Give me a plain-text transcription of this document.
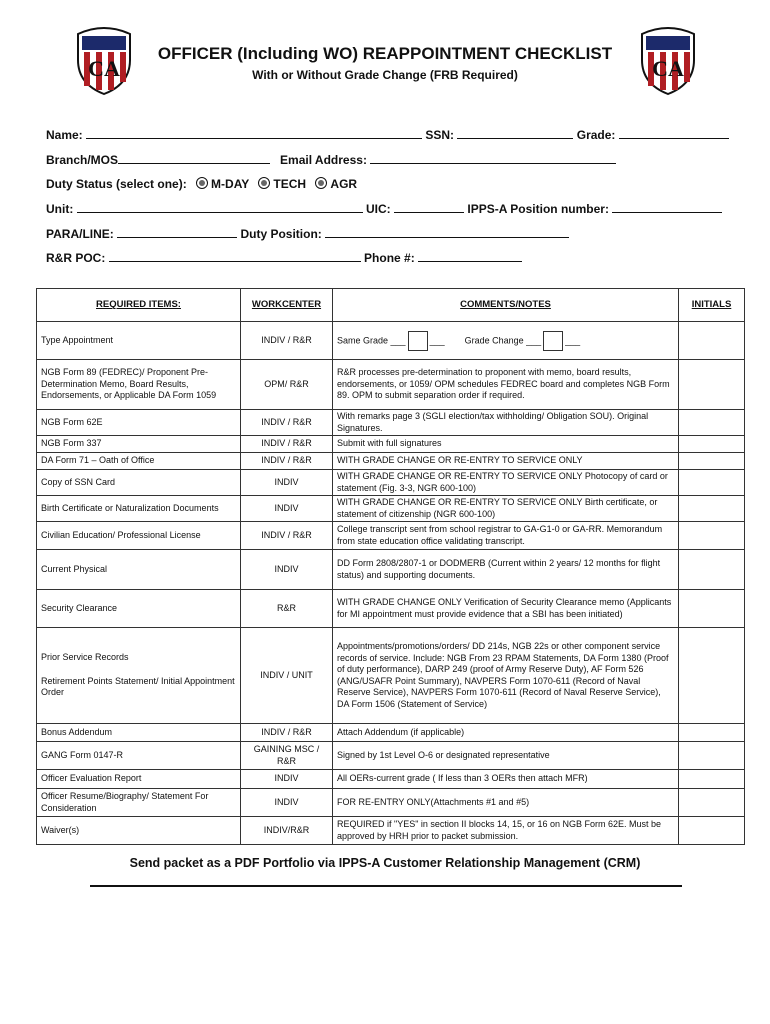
CA	CA
OFFICER (Including WO) REAPPOINTMENT CHECKLIST
With or Without Grade Change (FRB Required)
Name:	SSN:	Grade:
Branch/MOS	Email Address:
Duty Status (select one): M-DAY TECH AGR
Unit:	UIC:	IPPS-A Position number:
PARA/LINE:	Duty Position:
R&R POC:	Phone #:
REQUIRED ITEMS:	WORKCENTER	COMMENTS/NOTES	INITIALS
Type Appointment	INDIV / R&R	Same Grade ___ ___        Grade Change ___ ___	
NGB Form 89 (FEDREC)/ Proponent Pre-Determination Memo, Board Results, Endorsements, or Applicable DA Form 1059	OPM/ R&R	R&R processes pre-determination to proponent with memo, board results, endorsements, or 1059/ OPM schedules FEDREC board and completes NGB Form 89. OPM to submit separation order if required.	
NGB Form 62E	INDIV / R&R	With remarks page 3 (SGLI election/tax withholding/ Obligation SOU). Original Signatures.	
NGB Form 337	INDIV / R&R	Submit with full signatures	
DA Form 71 – Oath of Office	INDIV / R&R	WITH GRADE CHANGE OR RE-ENTRY TO SERVICE ONLY	
Copy of SSN Card	INDIV	WITH GRADE CHANGE OR RE-ENTRY TO SERVICE ONLY Photocopy of card or statement (Fig. 3-3, NGR 600-100)	
Birth Certificate or Naturalization Documents	INDIV	WITH GRADE CHANGE OR RE-ENTRY TO SERVICE ONLY Birth certificate, or statement of citizenship (NGR 600-100)	
Civilian Education/ Professional License	INDIV / R&R	College transcript sent from school registrar to GA-G1-0 or GA-RR. Memorandum from state education office validating transcript.	
Current Physical	INDIV	DD Form 2808/2807-1 or DODMERB (Current within 2 years/ 12 months for flight status) and supporting documents.	
Security Clearance	R&R	WITH GRADE CHANGE ONLY Verification of Security Clearance memo (Applicants for MI appointment must provide evidence that a SBI has been initiated)	

Prior Service Records
Retirement Points Statement/ Initial Appointment Order	INDIV / UNIT	Appointments/promotions/orders/ DD 214s, NGB 22s or other component service records of service. Include: NGB From 23 RPAM Statements, DA Form 1380 (Proof of duty performance), DARP 249 (proof of Army Reserve Duty), AF Form 526 (ANG/USAFR Point Summary), NAVPERS Form 1070-611 (Record of Naval Reserve Service), NAVPERS Form 1070-611 (Record of Naval Reserve Service), DA Form 1506 (Statement of Service)	
Bonus Addendum	INDIV / R&R	Attach Addendum (if applicable)	
GANG Form 0147-R	GAINING MSC / R&R	Signed by 1st Level O-6 or designated representative	
Officer Evaluation Report	INDIV	All OERs-current grade ( If less than 3 OERs then attach MFR)	
Officer Resume/Biography/ Statement For Consideration	INDIV	FOR RE-ENTRY ONLY(Attachments #1 and #5)	
Waiver(s)	INDIV/R&R	REQUIRED if "YES" in section II blocks 14, 15, or 16 on NGB Form 62E. Must be approved by HRH prior to packet submission.	
Send packet as a PDF Portfolio via IPPS-A Customer Relationship Management (CRM)
